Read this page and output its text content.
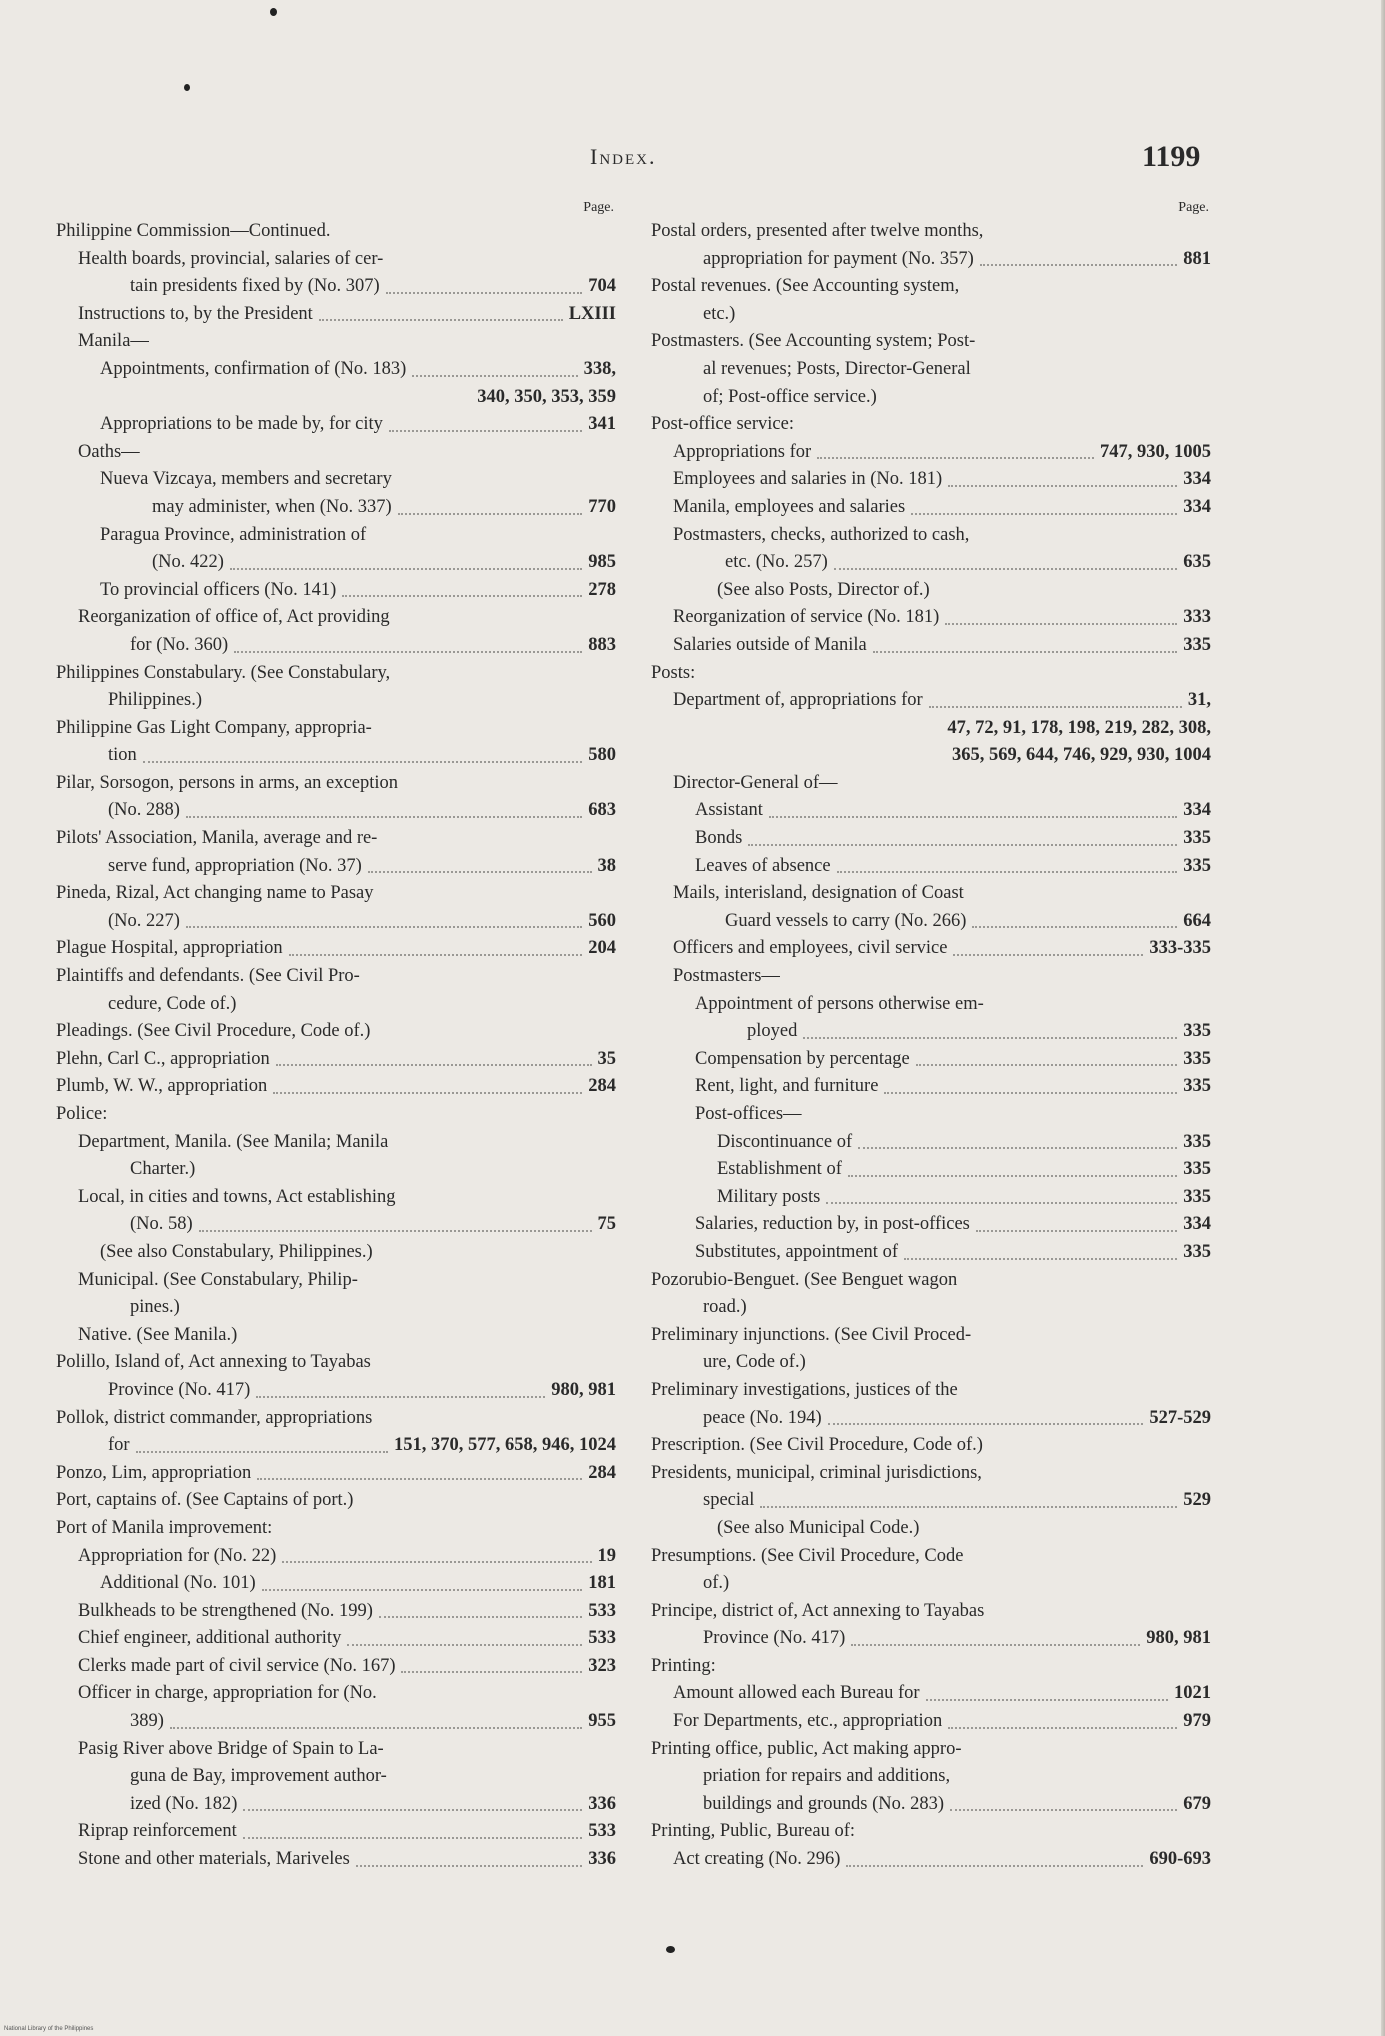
Index.	1199
Page.
Philippine Commission—Continued.
Health boards, provincial, salaries of cer-
tain presidents fixed by (No. 307)	704
Instructions to, by the President	LXIII
Manila—
Appointments, confirmation of (No. 183)	338,
340, 350, 353, 359
Appropriations to be made by, for city	341
Oaths—
Nueva Vizcaya, members and secretary
may administer, when (No. 337)	770
Paragua Province, administration of
(No. 422)	985
To provincial officers (No. 141)	278
Reorganization of office of, Act providing
for (No. 360)	883
Philippines Constabulary. (See Constabulary,
Philippines.)
Philippine Gas Light Company, appropria-
tion	580
Pilar, Sorsogon, persons in arms, an exception
(No. 288)	683
Pilots' Association, Manila, average and re-
serve fund, appropriation (No. 37)	38
Pineda, Rizal, Act changing name to Pasay
(No. 227)	560
Plague Hospital, appropriation	204
Plaintiffs and defendants. (See Civil Pro-
cedure, Code of.)
Pleadings. (See Civil Procedure, Code of.)
Plehn, Carl C., appropriation	35
Plumb, W. W., appropriation	284
Police:
Department, Manila. (See Manila; Manila
Charter.)
Local, in cities and towns, Act establishing
(No. 58)	75
(See also Constabulary, Philippines.)
Municipal. (See Constabulary, Philip-
pines.)
Native. (See Manila.)
Polillo, Island of, Act annexing to Tayabas
Province (No. 417)	980, 981
Pollok, district commander, appropriations
for	151, 370, 577, 658, 946, 1024
Ponzo, Lim, appropriation	284
Port, captains of. (See Captains of port.)
Port of Manila improvement:
Appropriation for (No. 22)	19
Additional (No. 101)	181
Bulkheads to be strengthened (No. 199)	533
Chief engineer, additional authority	533
Clerks made part of civil service (No. 167)	323
Officer in charge, appropriation for (No.
389)	955
Pasig River above Bridge of Spain to La-
guna de Bay, improvement author-
ized (No. 182)	336
Riprap reinforcement	533
Stone and other materials, Mariveles	336
Page.
Postal orders, presented after twelve months,
appropriation for payment (No. 357)	881
Postal revenues. (See Accounting system,
etc.)
Postmasters. (See Accounting system; Post-
al revenues; Posts, Director-General
of; Post-office service.)
Post-office service:
Appropriations for	747, 930, 1005
Employees and salaries in (No. 181)	334
Manila, employees and salaries	334
Postmasters, checks, authorized to cash,
etc. (No. 257)	635
(See also Posts, Director of.)
Reorganization of service (No. 181)	333
Salaries outside of Manila	335
Posts:
Department of, appropriations for	31,
47, 72, 91, 178, 198, 219, 282, 308,
365, 569, 644, 746, 929, 930, 1004
Director-General of—
Assistant	334
Bonds	335
Leaves of absence	335
Mails, interisland, designation of Coast
Guard vessels to carry (No. 266)	664
Officers and employees, civil service	333-335
Postmasters—
Appointment of persons otherwise em-
ployed	335
Compensation by percentage	335
Rent, light, and furniture	335
Post-offices—
Discontinuance of	335
Establishment of	335
Military posts	335
Salaries, reduction by, in post-offices	334
Substitutes, appointment of	335
Pozorubio-Benguet. (See Benguet wagon
road.)
Preliminary injunctions. (See Civil Proced-
ure, Code of.)
Preliminary investigations, justices of the
peace (No. 194)	527-529
Prescription. (See Civil Procedure, Code of.)
Presidents, municipal, criminal jurisdictions,
special	529
(See also Municipal Code.)
Presumptions. (See Civil Procedure, Code
of.)
Principe, district of, Act annexing to Tayabas
Province (No. 417)	980, 981
Printing:
Amount allowed each Bureau for	1021
For Departments, etc., appropriation	979
Printing office, public, Act making appro-
priation for repairs and additions,
buildings and grounds (No. 283)	679
Printing, Public, Bureau of:
Act creating (No. 296)	690-693
National Library of the Philippines
